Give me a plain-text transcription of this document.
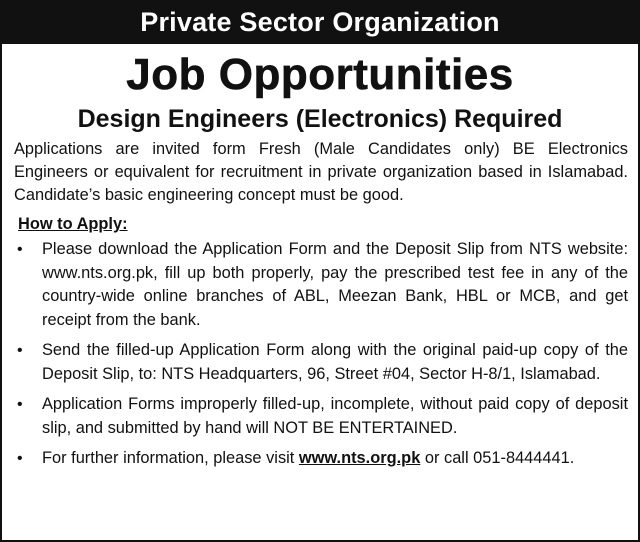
Private Sector Organization
Job Opportunities
Design Engineers (Electronics) Required
Applications are invited form Fresh (Male Candidates only) BE Electronics Engineers or equivalent for recruitment in private organization based in Islamabad. Candidate’s basic engineering concept must be good.
How to Apply:
• Please download the Application Form and the Deposit Slip from NTS website: www.nts.org.pk, fill up both properly, pay the prescribed test fee in any of the country-wide online branches of ABL, Meezan Bank, HBL or MCB, and get receipt from the bank.
• Send the filled-up Application Form along with the original paid-up copy of the Deposit Slip, to: NTS Headquarters, 96, Street #04, Sector H-8/1, Islamabad.
• Application Forms improperly filled-up, incomplete, without paid copy of deposit slip, and submitted by hand will NOT BE ENTERTAINED.
• For further information, please visit www.nts.org.pk or call 051-8444441.
